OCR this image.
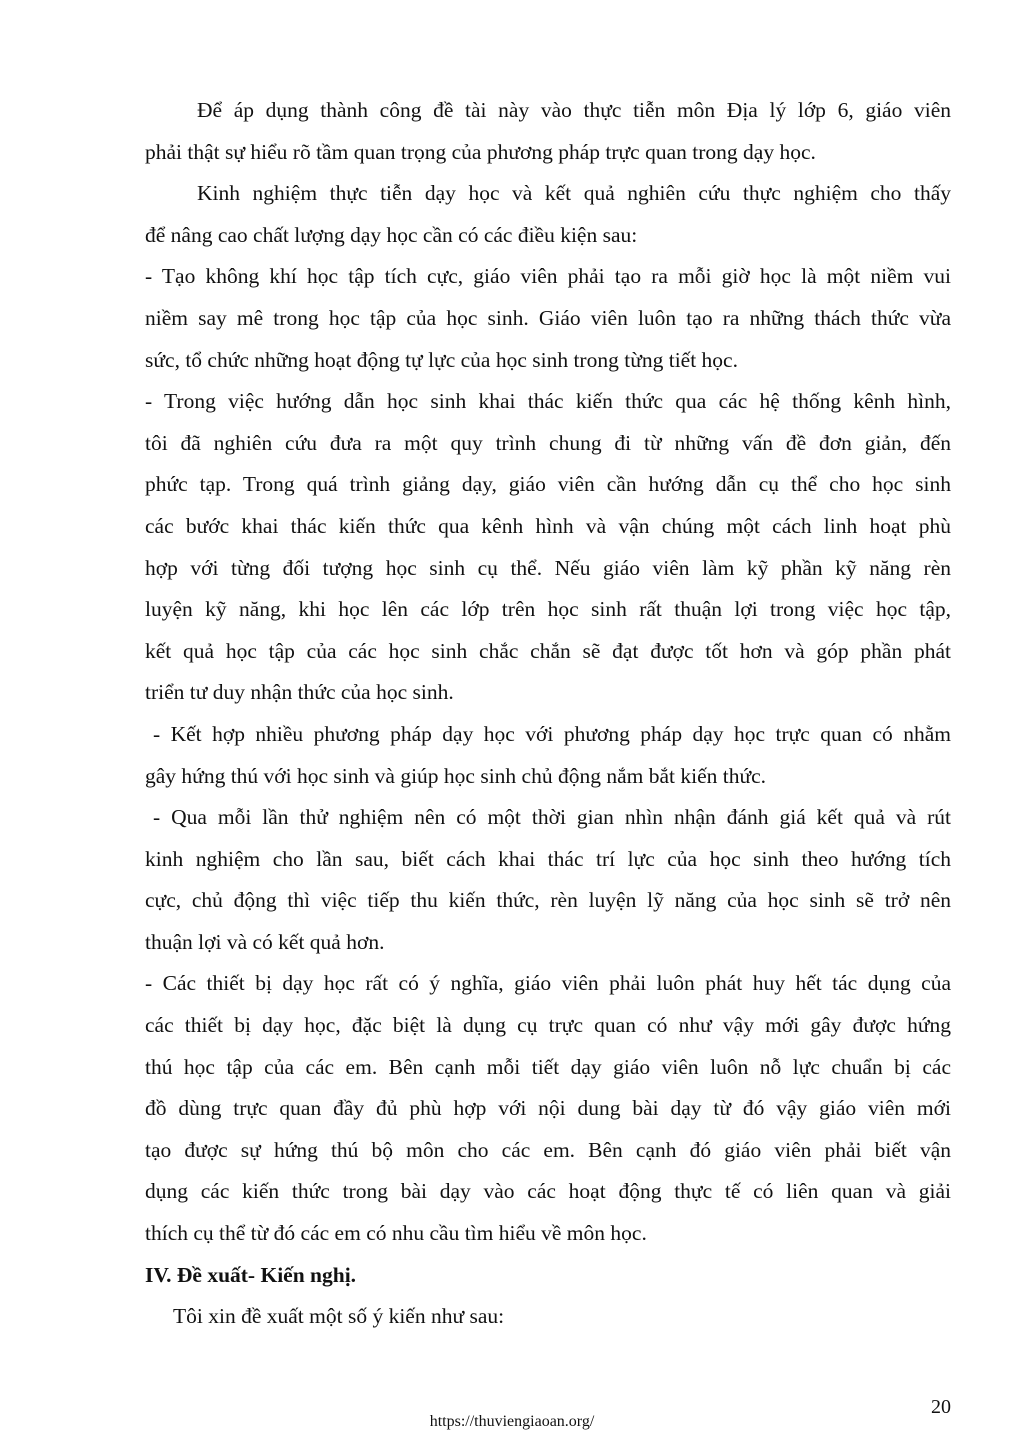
Để áp dụng thành công đề tài này vào thực tiễn môn Địa lý lớp 6, giáo viên
phải thật sự hiểu rõ tầm quan trọng của phương pháp trực quan trong dạy học.
Kinh nghiệm thực tiễn dạy học và kết quả nghiên cứu thực nghiệm cho thấy
để nâng cao chất lượng dạy học cần có các điều kiện sau:
- Tạo không khí học tập tích cực, giáo viên phải tạo ra mỗi giờ học là một niềm vui
niềm say mê trong học tập của học sinh. Giáo viên luôn tạo ra những thách thức vừa
sức, tổ chức những hoạt động tự lực của học sinh trong từng tiết học.
- Trong việc hướng dẫn học sinh khai thác kiến thức qua các hệ thống kênh hình,
tôi đã nghiên cứu đưa ra một quy trình chung đi từ những vấn đề đơn giản, đến
phức tạp. Trong quá trình giảng dạy, giáo viên cần hướng dẫn cụ thể cho học sinh
các bước khai thác kiến thức qua kênh hình và vận chúng một cách linh hoạt phù
hợp với từng đối tượng học sinh cụ thể. Nếu giáo viên làm kỹ phần kỹ năng rèn
luyện kỹ năng, khi học lên các lớp trên học sinh rất thuận lợi trong việc học tập,
kết quả học tập của các học sinh chắc chắn sẽ đạt được tốt hơn và góp phần phát
triển tư duy nhận thức của học sinh.
- Kết hợp nhiều phương pháp dạy học với phương pháp dạy học trực quan có nhằm
gây hứng thú với học sinh và giúp học sinh chủ động nắm bắt kiến thức.
- Qua mỗi lần thử nghiệm nên có một thời gian nhìn nhận đánh giá kết quả và rút
kinh nghiệm cho lần sau, biết cách khai thác trí lực của học sinh theo hướng tích
cực, chủ động thì việc tiếp thu kiến thức, rèn luyện lỹ năng của học sinh sẽ trở nên
thuận lợi và có kết quả hơn.
- Các thiết bị dạy học rất có ý nghĩa, giáo viên phải luôn phát huy hết tác dụng của
các thiết bị dạy học, đặc biệt là dụng cụ trực quan có như vậy mới gây được hứng
thú học tập của các em. Bên cạnh mỗi tiết dạy giáo viên luôn nỗ lực chuẩn bị các
đồ dùng trực quan đầy đủ phù hợp với nội dung bài dạy từ đó vậy giáo viên mới
tạo được sự hứng thú bộ môn cho các em. Bên cạnh đó giáo viên phải biết vận
dụng các kiến thức trong bài dạy vào các hoạt động thực tế có liên quan và giải
thích cụ thể từ đó các em có nhu cầu tìm hiểu về môn học.
IV. Đề xuất- Kiến nghị.
Tôi xin đề xuất một số ý kiến như sau:
20
https://thuviengiaoan.org/
